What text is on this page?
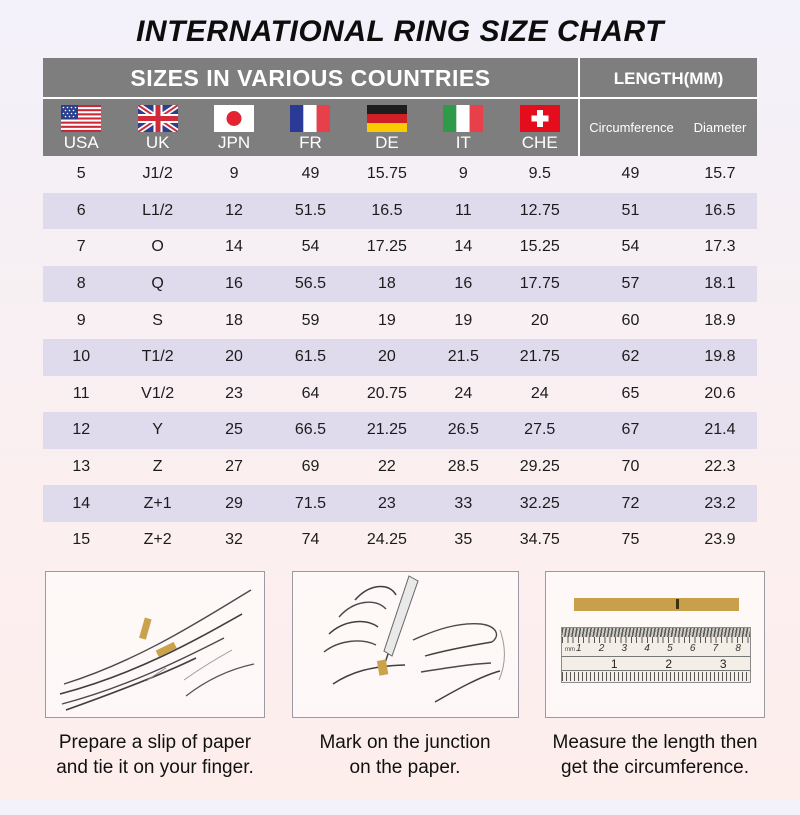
INTERNATIONAL RING SIZE CHART
SIZES IN VARIOUS COUNTRIES
USA	UK	JPN	FR	DE	IT	CHE
LENGTH(MM)
Circumference	Diameter
5	J1/2	9	49	15.75	9	9.5	49	15.7
6	L1/2	12	51.5	16.5	11	12.75	51	16.5
7	O	14	54	17.25	14	15.25	54	17.3
8	Q	16	56.5	18	16	17.75	57	18.1
9	S	18	59	19	19	20	60	18.9
10	T1/2	20	61.5	20	21.5	21.75	62	19.8
11	V1/2	23	64	20.75	24	24	65	20.6
12	Y	25	66.5	21.25	26.5	27.5	67	21.4
13	Z	27	69	22	28.5	29.25	70	22.3
14	Z+1	29	71.5	23	33	32.25	72	23.2
15	Z+2	32	74	24.25	35	34.75	75	23.9
Prepare a slip of paper
and tie it on your finger.
Mark on the junction
on the paper.
mm 1 2 3 4 5 6 7 8
1	2	3
Measure the length then
get the circumference.
